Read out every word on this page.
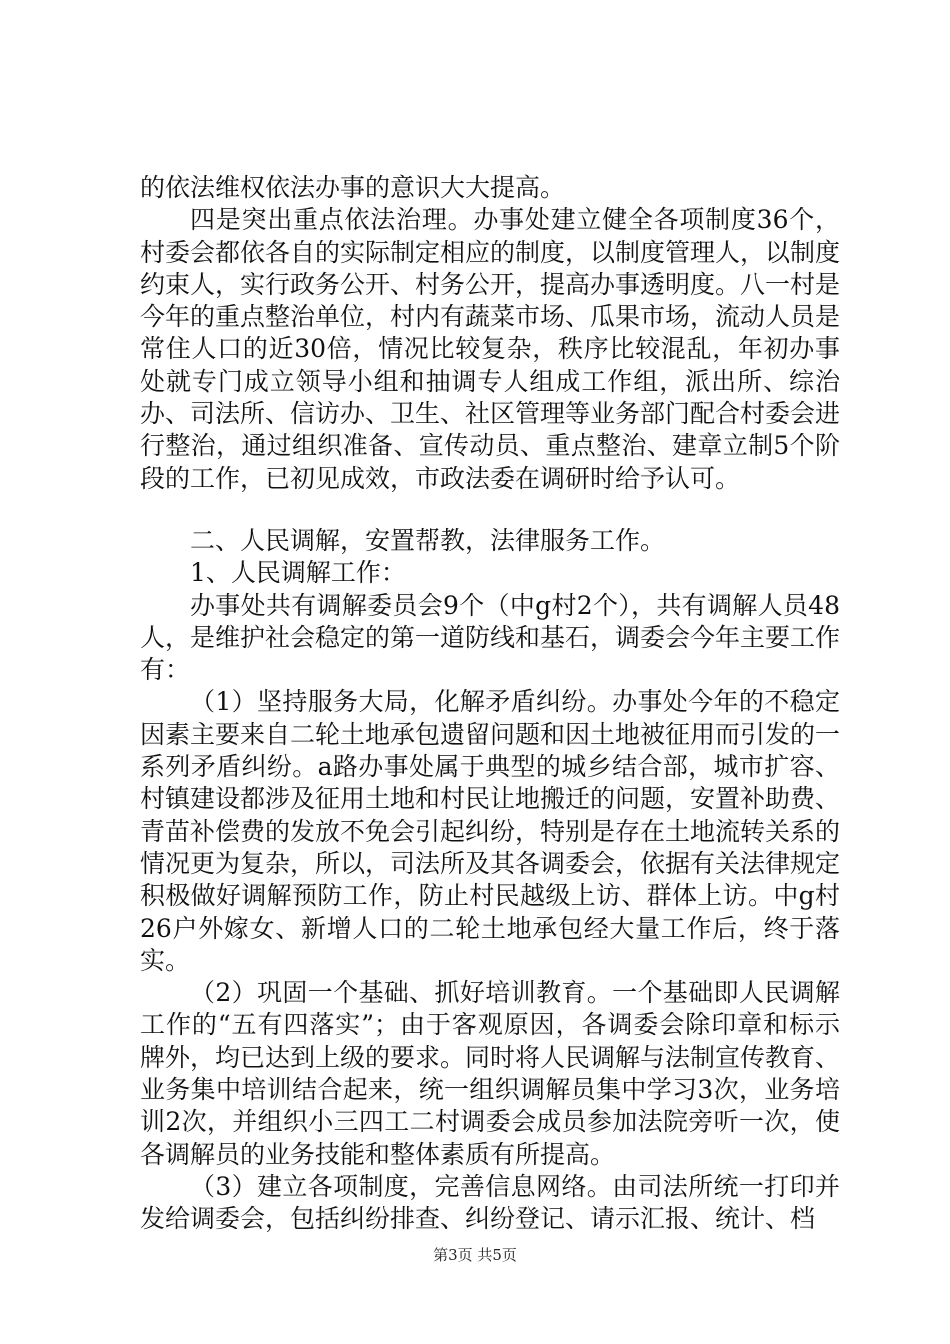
的依法维权依法办事的意识大大提高。

四是突出重点依法治理。办事处建立健全各项制度36个，村委会都依各自的实际制定相应的制度，以制度管理人，以制度约束人，实行政务公开、村务公开，提高办事透明度。八一村是今年的重点整治单位，村内有蔬菜市场、瓜果市场，流动人员是常住人口的近30倍，情况比较复杂，秩序比较混乱，年初办事处就专门成立领导小组和抽调专人组成工作组，派出所、综治办、司法所、信访办、卫生、社区管理等业务部门配合村委会进行整治，通过组织准备、宣传动员、重点整治、建章立制5个阶段的工作，已初见成效，市政法委在调研时给予认可。

二、人民调解，安置帮教，法律服务工作。

1、人民调解工作：

办事处共有调解委员会9个（中g村2个），共有调解人员48人，是维护社会稳定的第一道防线和基石，调委会今年主要工作有：

（1）坚持服务大局，化解矛盾纠纷。办事处今年的不稳定因素主要来自二轮土地承包遗留问题和因土地被征用而引发的一系列矛盾纠纷。a路办事处属于典型的城乡结合部，城市扩容、村镇建设都涉及征用土地和村民让地搬迁的问题，安置补助费、青苗补偿费的发放不免会引起纠纷，特别是存在土地流转关系的情况更为复杂，所以，司法所及其各调委会，依据有关法律规定积极做好调解预防工作，防止村民越级上访、群体上访。中g村26户外嫁女、新增人口的二轮土地承包经大量工作后，终于落实。

（2）巩固一个基础、抓好培训教育。一个基础即人民调解工作的“五有四落实”；由于客观原因，各调委会除印章和标示牌外，均已达到上级的要求。同时将人民调解与法制宣传教育、业务集中培训结合起来，统一组织调解员集中学习3次，业务培训2次，并组织小三四工二村调委会成员参加法院旁听一次，使各调解员的业务技能和整体素质有所提高。

（3）建立各项制度，完善信息网络。由司法所统一打印并发给调委会，包括纠纷排查、纠纷登记、请示汇报、统计、档

第3页 共5页
